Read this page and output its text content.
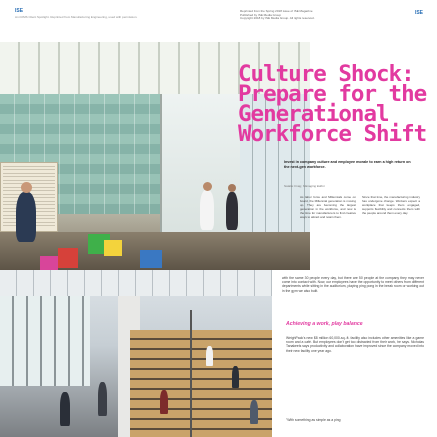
ISE
An iCIMS Client Spotlight. Reprinted from Manufacturing Engineering, used with permission.
Reprinted from the Spring 2018 issue of ISE Magazine
Published by ISE Media Group
Copyright 2018 by ISE Media Group. All rights reserved.
ISE
Culture Shock:
Prepare for the
Generational
Workforce Shift
Invest in company culture and employee morale to earn a high return on the next-gen workforce.
Natalie Craig, Managing Editor
As labor force and Millennials come on board, the Millennial generation is moving up. They are becoming the largest generation in the workforce, and now is the time for manufacturers to find creative ways to attract and retain them.
Since that time, the manufacturing industry has undergone change. Workers expect a workplace that keeps them engaged, supports flexibility and connects them with the people around them every day.
with the same 30 people every day, but there are 50 people at the company they may never come into contact with. Now, our employees have the opportunity to meet others from different departments while sitting in the auditorium, playing ping pong in the break room or working out in the gym we also built.
Achieving a work, play balance
WeighPack's new $8 million 60,000-sq.-ft. facility also includes other amenities like a game room and a café. But employees don't get too distracted from their work, he says. Nicholas Tanakeels says productivity and collaboration have improved since the company moved into their new facility one year ago.
"With something as simple as a ping
